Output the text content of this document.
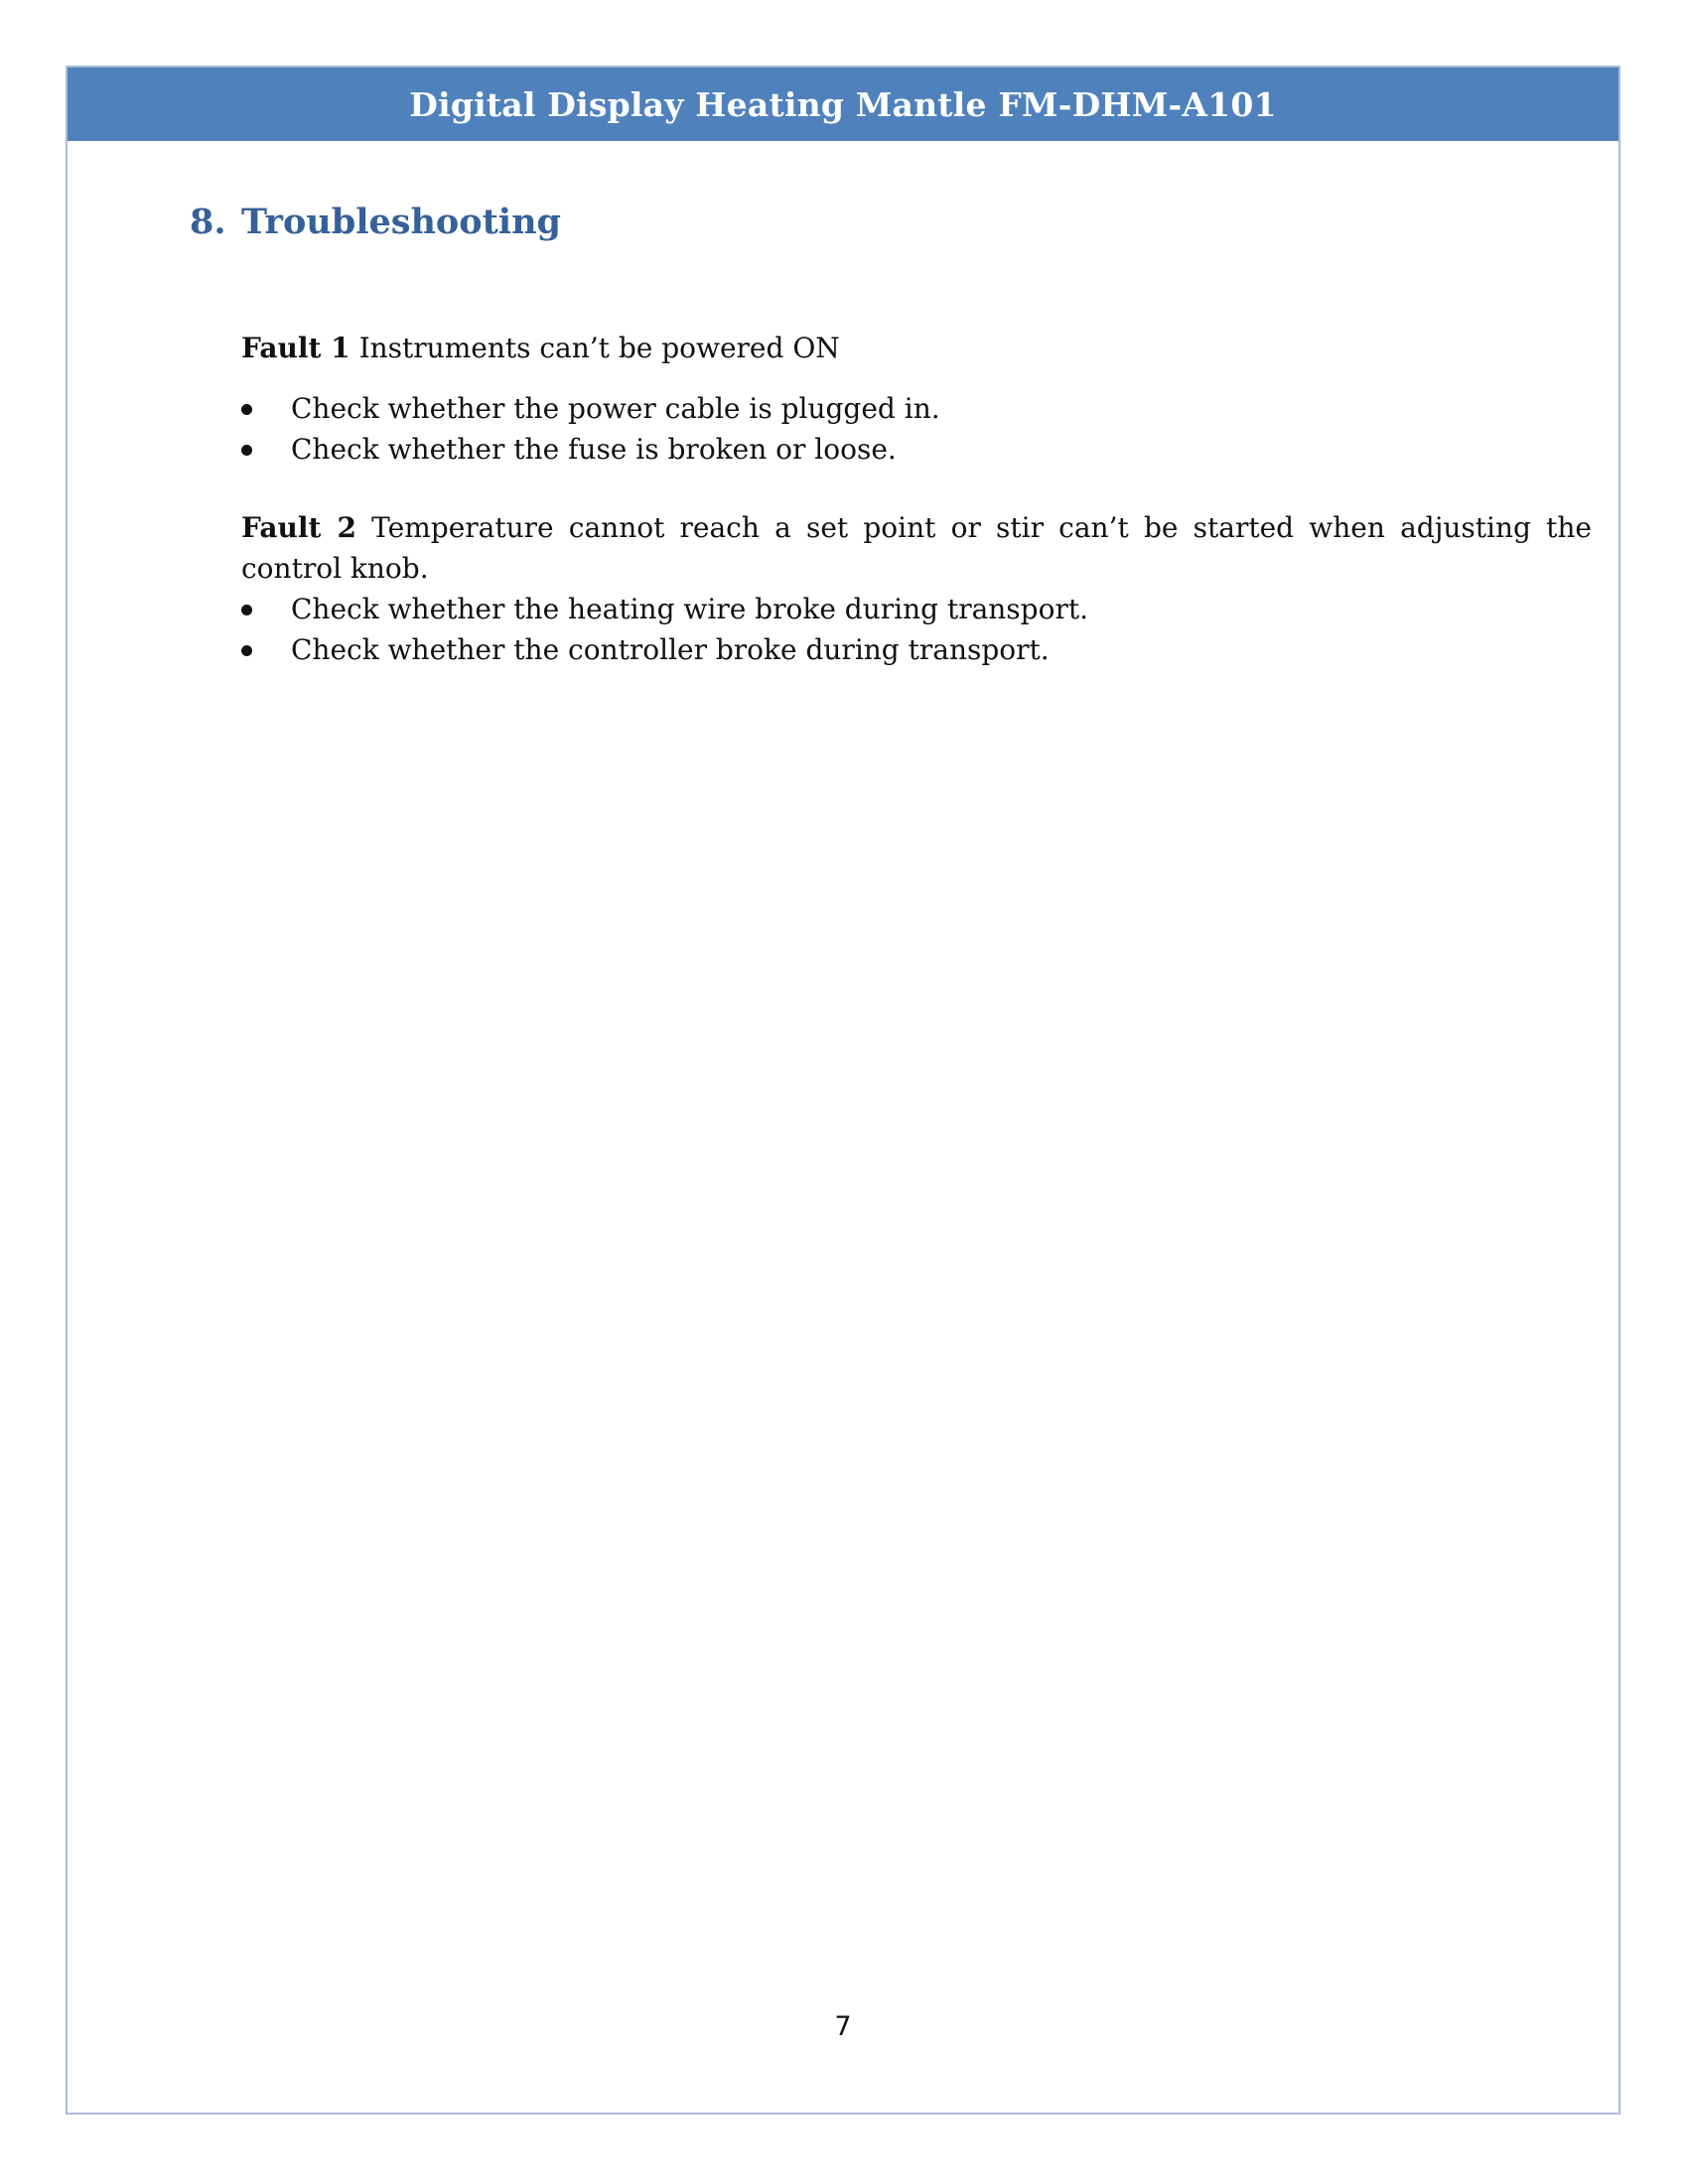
Digital Display Heating Mantle FM-DHM-A101
8. Troubleshooting

Fault 1 Instruments can’t be powered ON

Check whether the power cable is plugged in.
Check whether the fuse is broken or loose.

Fault 2 Temperature cannot reach a set point or stir can’t be started when adjusting the control knob.

Check whether the heating wire broke during transport.
Check whether the controller broke during transport.
7
